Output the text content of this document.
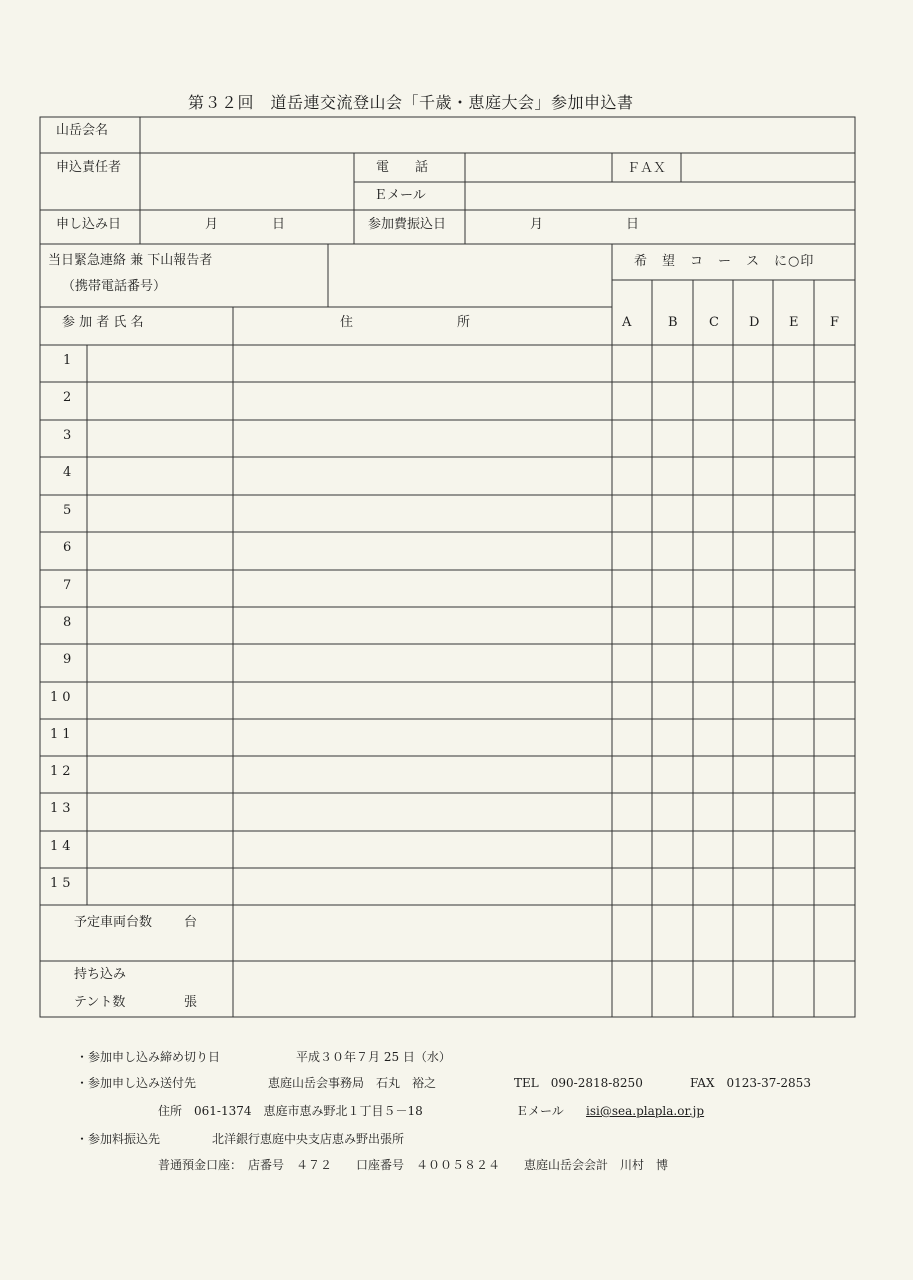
第３２回　道岳連交流登山会「千歳・恵庭大会」参加申込書
山岳会名
申込責任者	電　　話	ＦＡＸ
Ｅメール
申し込み日	月	日	参加費振込日	月	日
当日緊急連絡 兼 下山報告者
（携帯電話番号）
希　望　コ　ー　ス　に○印
参 加 者 氏 名	住　　　　　　　　所	A	B C D E F
1
2
3
4
5
6
7
8
9
10
11
12
13
14
15
予定車両台数 台
持ち込み
テント数	張
・参加申し込み締め切り日	平成３０年７月 25 日（水）
・参加申し込み送付先	恵庭山岳会事務局　石丸　裕之	TEL　090-2818-8250	FAX　0123-37-2853
住所　061-1374　恵庭市恵み野北１丁目５－18	Ｅメール isi@sea.plapla.or.jp
・参加料振込先	北洋銀行恵庭中央支店恵み野出張所
普通預金口座：　店番号　４７２　　口座番号　４００５８２４　　恵庭山岳会会計　川村　博
